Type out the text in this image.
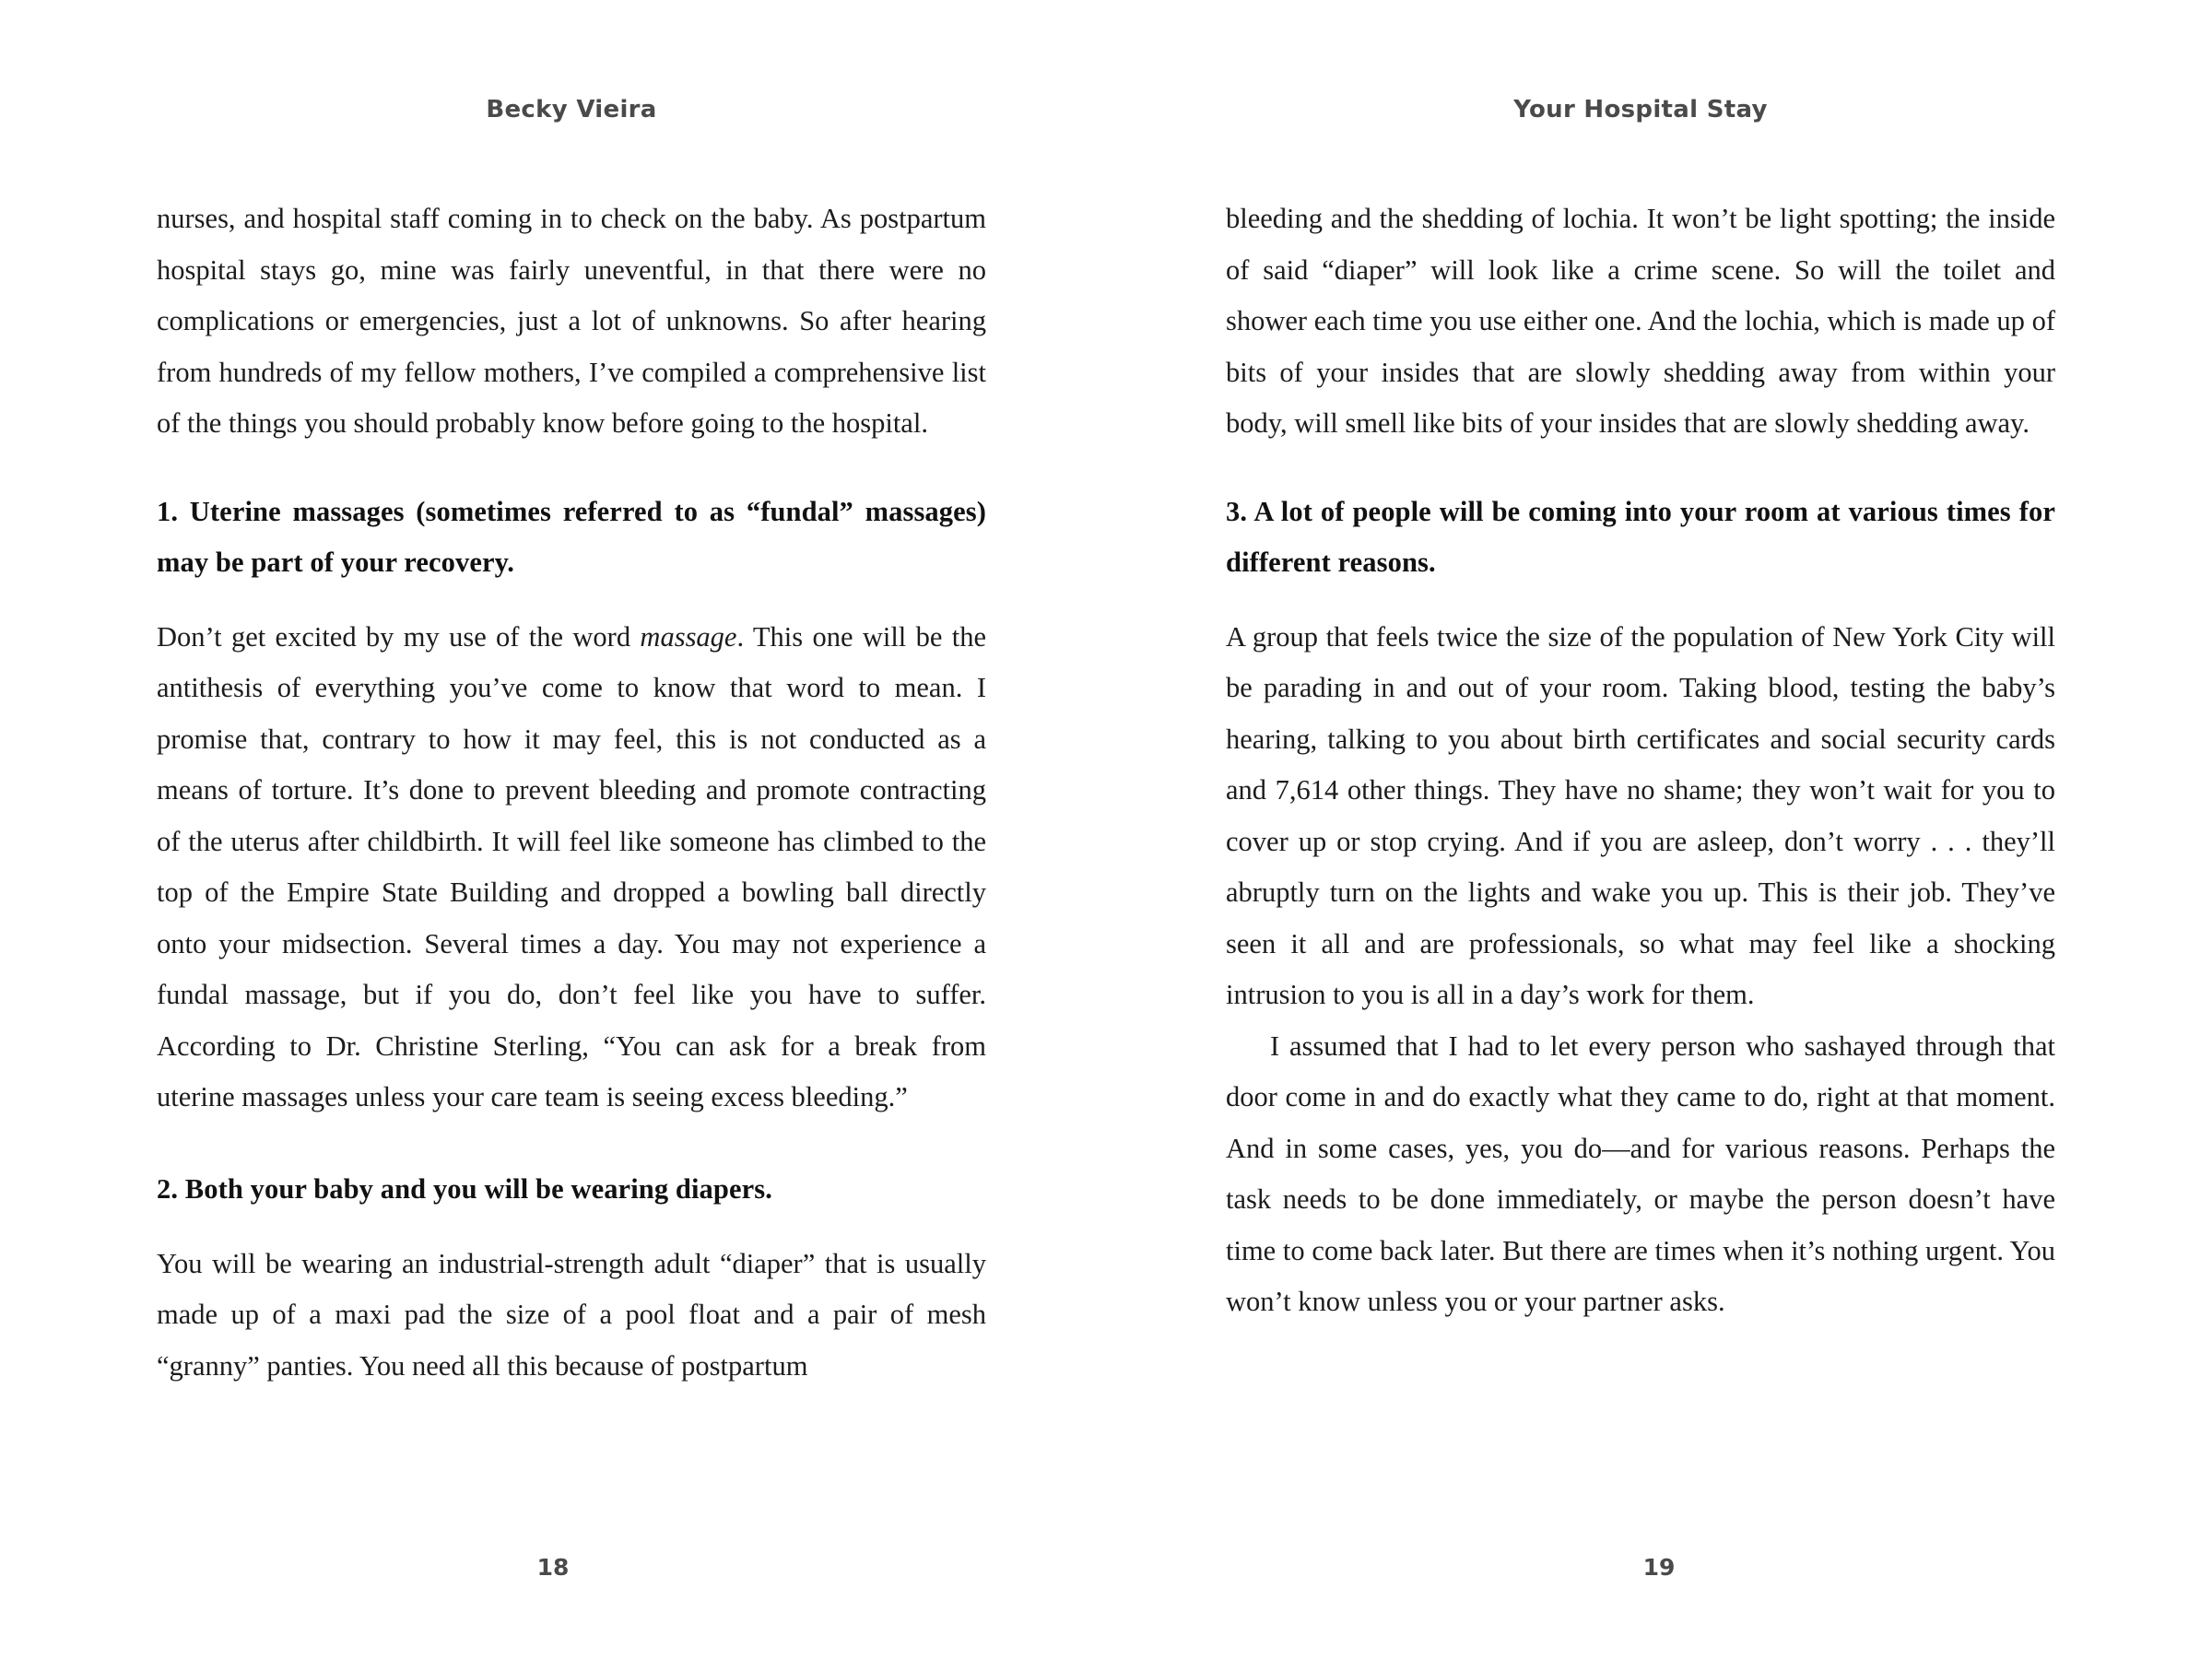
Becky Vieira

nurses, and hospital staff coming in to check on the baby. As postpartum hospital stays go, mine was fairly uneventful, in that there were no complications or emergencies, just a lot of unknowns. So after hearing from hundreds of my fellow mothers, I’ve compiled a comprehensive list of the things you should probably know before going to the hospital.

1. Uterine massages (sometimes referred to as “fundal” massages) may be part of your recovery.

Don’t get excited by my use of the word massage. This one will be the antithesis of everything you’ve come to know that word to mean. I promise that, contrary to how it may feel, this is not conducted as a means of torture. It’s done to prevent bleeding and promote contracting of the uterus after childbirth. It will feel like someone has climbed to the top of the Empire State Building and dropped a bowling ball directly onto your midsection. Several times a day. You may not experience a fundal massage, but if you do, don’t feel like you have to suffer. According to Dr. Christine Sterling, “You can ask for a break from uterine massages unless your care team is seeing excess bleeding.”

2. Both your baby and you will be wearing diapers.

You will be wearing an industrial-strength adult “diaper” that is usually made up of a maxi pad the size of a pool float and a pair of mesh “granny” panties. You need all this because of postpartum

18
Your Hospital Stay

bleeding and the shedding of lochia. It won’t be light spotting; the inside of said “diaper” will look like a crime scene. So will the toilet and shower each time you use either one. And the lochia, which is made up of bits of your insides that are slowly shedding away from within your body, will smell like bits of your insides that are slowly shedding away.

3. A lot of people will be coming into your room at various times for different reasons.

A group that feels twice the size of the population of New York City will be parading in and out of your room. Taking blood, testing the baby’s hearing, talking to you about birth certificates and social security cards and 7,614 other things. They have no shame; they won’t wait for you to cover up or stop crying. And if you are asleep, don’t worry . . . they’ll abruptly turn on the lights and wake you up. This is their job. They’ve seen it all and are professionals, so what may feel like a shocking intrusion to you is all in a day’s work for them.

I assumed that I had to let every person who sashayed through that door come in and do exactly what they came to do, right at that moment. And in some cases, yes, you do—and for various reasons. Perhaps the task needs to be done immediately, or maybe the person doesn’t have time to come back later. But there are times when it’s nothing urgent. You won’t know unless you or your partner asks.

19
